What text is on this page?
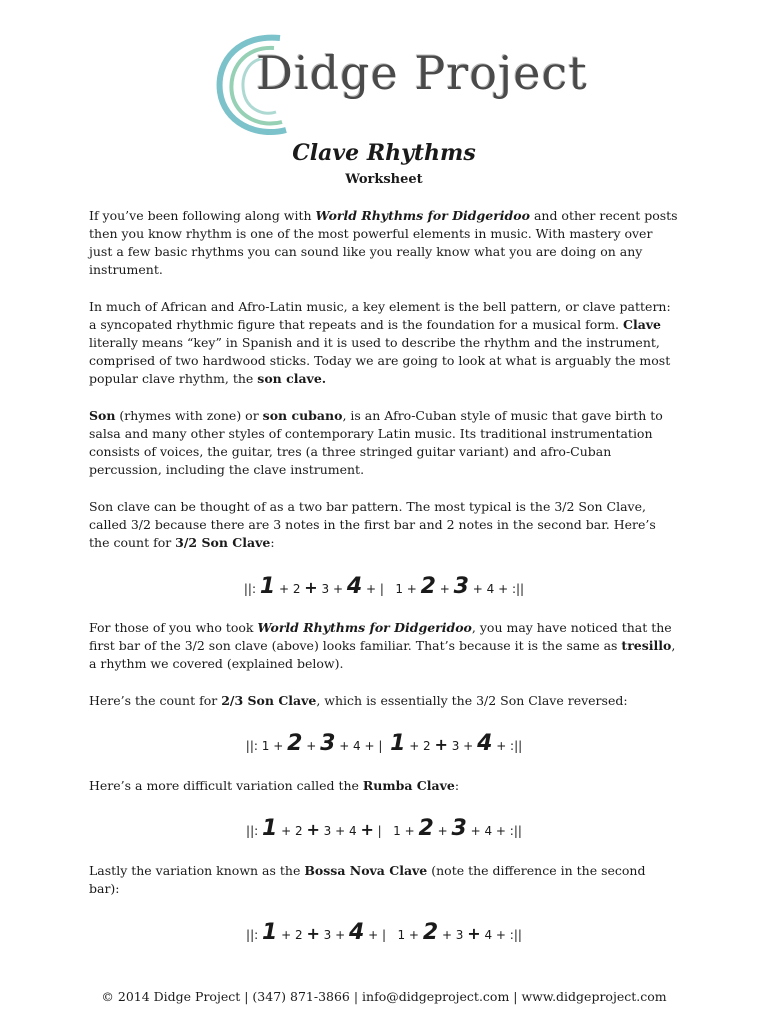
Didge Project
Clave Rhythms
Worksheet
If you’ve been following along with World Rhythms for Didgeridoo and other recent posts then you know rhythm is one of the most powerful elements in music. With mastery over just a few basic rhythms you can sound like you really know what you are doing on any instrument.
In much of African and Afro-Latin music, a key element is the bell pattern, or clave pattern: a syncopated rhythmic figure that repeats and is the foundation for a musical form. Clave literally means “key” in Spanish and it is used to describe the rhythm and the instrument, comprised of two hardwood sticks. Today we are going to look at what is arguably the most popular clave rhythm, the son clave.
Son (rhymes with zone) or son cubano, is an Afro-Cuban style of music that gave birth to salsa and many other styles of contemporary Latin music. Its traditional instrumentation consists of voices, the guitar, tres (a three stringed guitar variant) and afro-Cuban percussion, including the clave instrument.
Son clave can be thought of as a two bar pattern. The most typical is the 3/2 Son Clave, called 3/2 because there are 3 notes in the first bar and 2 notes in the second bar. Here’s the count for 3/2 Son Clave:
||: 1 + 2 + 3 + 4 + |   1 + 2 + 3 + 4 + :||
For those of you who took World Rhythms for Didgeridoo, you may have noticed that the first bar of the 3/2 son clave (above) looks familiar. That’s because it is the same as tresillo, a rhythm we covered (explained below).
Here’s the count for 2/3 Son Clave, which is essentially the 3/2 Son Clave reversed:
||: 1 + 2 + 3 + 4 + |  1 + 2 + 3 + 4 + :||
Here’s a more difficult variation called the Rumba Clave:
||: 1 + 2 + 3 + 4 + |   1 + 2 + 3 + 4 + :||
Lastly the variation known as the Bossa Nova Clave (note the difference in the second bar):
||: 1 + 2 + 3 + 4 + |   1 + 2 + 3 + 4 + :||
© 2014 Didge Project | (347) 871-3866 | info@didgeproject.com | www.didgeproject.com
